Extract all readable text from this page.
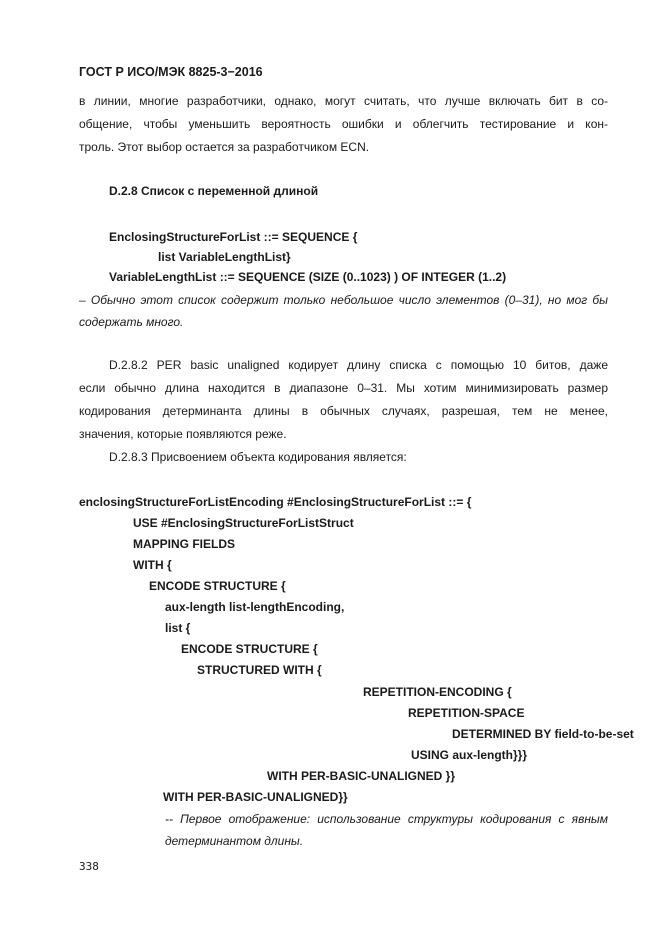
ГОСТ Р ИСО/МЭК 8825-3−2016
в линии, многие разработчики, однако, могут считать, что лучше включать бит в со-
общение, чтобы уменьшить вероятность ошибки и облегчить тестирование и кон-
троль. Этот выбор остается за разработчиком ECN.
D.2.8 Список с переменной длиной
EnclosingStructureForList ::= SEQUENCE {
list VariableLengthList}
VariableLengthList ::= SEQUENCE (SIZE (0..1023) ) OF INTEGER (1..2)
– Обычно этот список содержит только небольшое число элементов (0–31), но мог бы
содержать много.
D.2.8.2 PER basic unaligned кодирует длину списка с помощью 10 битов, даже
если обычно длина находится в диапазоне 0–31. Мы хотим минимизировать размер
кодирования детерминанта длины в обычных случаях, разрешая, тем не менее,
значения, которые появляются реже.
D.2.8.3 Присвоением объекта кодирования является:
enclosingStructureForListEncoding #EnclosingStructureForList ::= {
USE #EnclosingStructureForListStruct
MAPPING FIELDS
WITH {
ENCODE STRUCTURE {
aux-length list-lengthEncoding,
list {
ENCODE STRUCTURE {
STRUCTURED WITH {
REPETITION-ENCODING {
REPETITION-SPACE
DETERMINED BY field-to-be-set
USING aux-length}}}
WITH PER-BASIC-UNALIGNED }}
WITH PER-BASIC-UNALIGNED}}
-- Первое отображение: использование структуры кодирования с явным
детерминантом длины.
338
